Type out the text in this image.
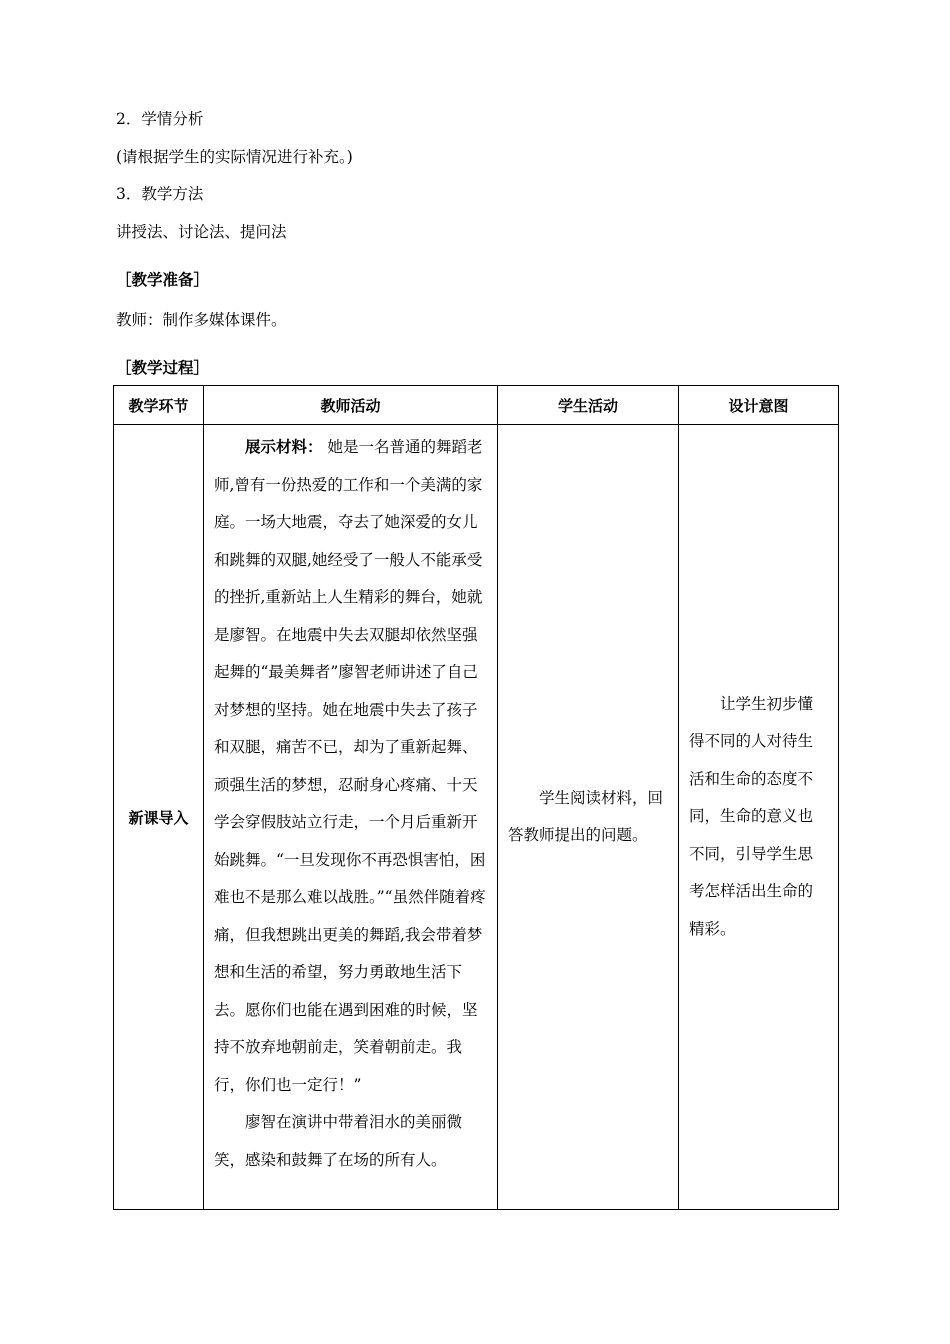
2．学情分析
(请根据学生的实际情况进行补充。)
3．教学方法
讲授法、讨论法、提问法
［教学准备］
教师：制作多媒体课件。
［教学过程］
教学环节	教师活动	学生活动	设计意图
新课导入	展示材料： 她是一名普通的舞蹈老师,曾有一份热爱的工作和一个美满的家庭。一场大地震，夺去了她深爱的女儿和跳舞的双腿,她经受了一般人不能承受的挫折,重新站上人生精彩的舞台，她就是廖智。在地震中失去双腿却依然坚强起舞的“最美舞者”廖智老师讲述了自己对梦想的坚持。她在地震中失去了孩子和双腿，痛苦不已，却为了重新起舞、顽强生活的梦想，忍耐身心疼痛、十天学会穿假肢站立行走，一个月后重新开始跳舞。“一旦发现你不再恐惧害怕，困难也不是那么难以战胜。”“虽然伴随着疼痛，但我想跳出更美的舞蹈,我会带着梦想和生活的希望，努力勇敢地生活下去。愿你们也能在遇到困难的时候，坚持不放弃地朝前走，笑着朝前走。我行，你们也一定行！”

廖智在演讲中带着泪水的美丽微笑，感染和鼓舞了在场的所有人。	学生阅读材料，回答教师提出的问题。	让学生初步懂得不同的人对待生活和生命的态度不同，生命的意义也不同，引导学生思考怎样活出生命的精彩。
